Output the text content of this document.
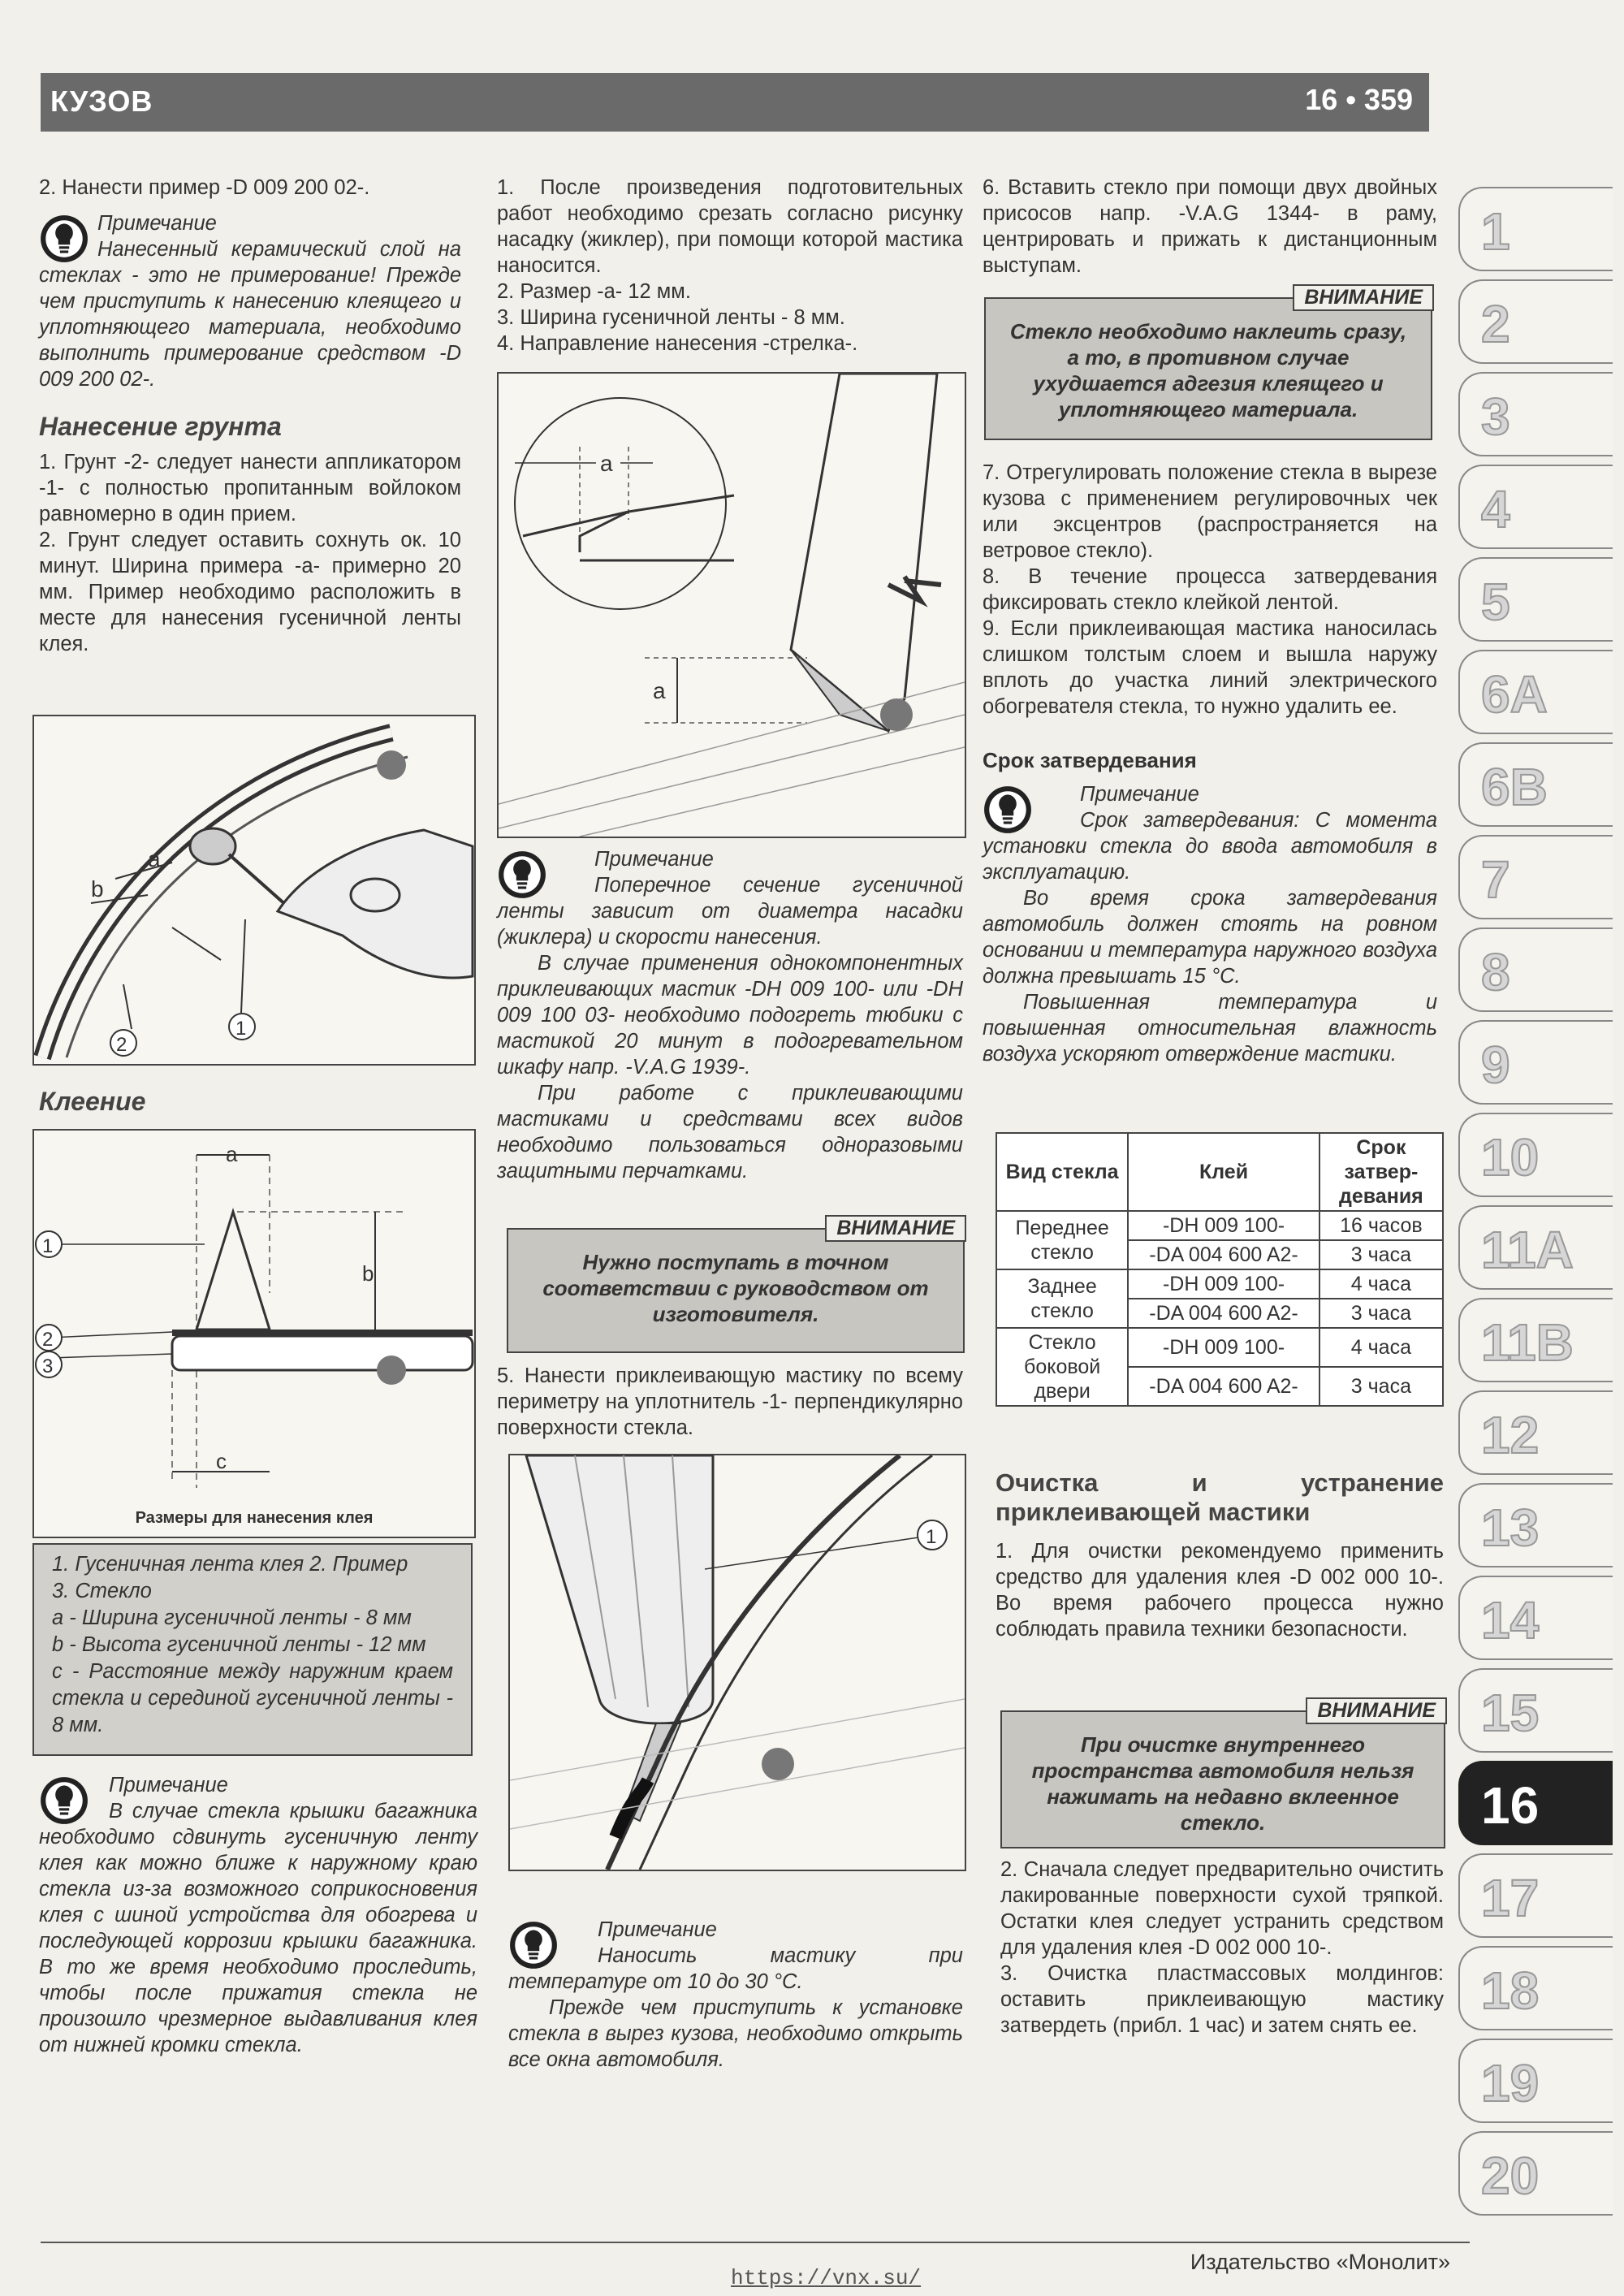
КУЗОВ	16 • 359

2. Нанести пример -D 009 200 02-.

Примечание
Нанесенный керамический слой на стеклах - это не примерование! Прежде чем приступить к нанесению клеящего и уплотняющего материала, необходимо выполнить примерование средством -D 009 200 02-.
Нанесение грунта

1. Грунт -2- следует нанести аппликатором -1- с полностью пропитанным войлоком равномерно в один прием.

2. Грунт следует оставить сохнуть ок. 10 минут. Ширина примера -а- примерно 20 мм. Пример необходимо расположить в месте для нанесения гусеничной ленты клея.

a
b
2
1
Клеение
a
b
1
2
3
c
Размеры для нанесения клея
1. Гусеничная лента клея 2. Пример
3. Стекло
а - Ширина гусеничной ленты - 8 мм
b - Высота гусеничной ленты - 12 мм
с - Расстояние между наружним краем стекла и серединой гусеничной ленты - 8 мм.
Примечание
В случае стекла крышки багажника необходимо сдвинуть гусеничную ленту клея как можно ближе к наружному краю стекла из-за возможного соприкосновения клея с шиной устройства для обогрева и последующей коррозии крышки багажника. В то же время необходимо проследить, чтобы после прижатия стекла не произошло чрезмерное выдавливания клея от нижней кромки стекла.

1. После произведения подготовительных работ необходимо срезать согласно рисунку насадку (жиклер), при помощи которой мастика наносится.

2. Размер -а- 12 мм.

3. Ширина гусеничной ленты - 8 мм.

4. Направление нанесения -стрелка-.

a
a
Примечание
Поперечное сечение гусеничной ленты зависит от диаметра насадки (жиклера) и скорости нанесения.

В случае применения однокомпонентных приклеивающих мастик -DH 009 100- или -DH 009 100 03- необходимо подогреть тюбики с мастикой 20 минут в подогревательном шкафу напр. -V.A.G 1939-.

При работе с приклеивающими мастиками и средствами всех видов необходимо пользоваться одноразовыми защитными перчатками.

ВНИМАНИЕ
Нужно поступать в точном соответствии с руководством от изготовителя.

5. Нанести приклеивающую мастику по всему периметру на уплотнитель -1- перпендикулярно поверхности стекла.

1
Примечание
Наносить мастику при температуре от 10 до 30 °С.

Прежде чем приступить к установке стекла в вырез кузова, необходимо открыть все окна автомобиля.

6. Вставить стекло при помощи двух двойных присосов напр. -V.A.G 1344- в раму, центрировать и прижать к дистанционным выступам.

ВНИМАНИЕ
Стекло необходимо наклеить сразу, а то, в противном случае ухудшается адгезия клеящего и уплотняющего материала.

7. Отрегулировать положение стекла в вырезе кузова с применением регулировочных чек или эксцентров (распространяется на ветровое стекло).

8. В течение процесса затвердевания фиксировать стекло клейкой лентой.

9. Если приклеивающая мастика наносилась слишком толстым слоем и вышла наружу вплоть до участка линий электрического обогревателя стекла, то нужно удалить ее.

Срок затвердевания
Примечание
Срок затвердевания: С момента установки стекла до ввода автомобиля в эксплуатацию.

Во время срока затвердевания автомобиль должен стоять на ровном основании и температура наружного воздуха должна превышать 15 °С.

Повышенная температура и повышенная относительная влажность воздуха ускоряют отверждение мастики.

Вид стекла	Клей	Срок затвер-девания
Переднее стекло	-DH 009 100-	16 часов
	-DA 004 600 A2-	3 часа
Заднее стекло	-DH 009 100-	4 часа
	-DA 004 600 A2-	3 часа
Стекло боковой двери	-DH 009 100-	4 часа
	-DA 004 600 A2-	3 часа
Очистка и устранение приклеивающей мастики

1. Для очистки рекомендуемо применить средство для удаления клея -D 002 000 10-. Во время рабочего процесса нужно соблюдать правила техники безопасности.

ВНИМАНИЕ
При очистке внутреннего пространства автомобиля нельзя нажимать на недавно вклеенное стекло.

2. Сначала следует предварительно очистить лакированные поверхности сухой тряпкой. Остатки клея следует устранить средством для удаления клея -D 002 000 10-.

3. Очистка пластмассовых молдингов: оставить приклеивающую мастику затвердеть (прибл. 1 час) и затем снять ее.

1
2
3
4
5
6A
6B
7
8
9
10
11A
11B
12
13
14
15
16
17
18
19
20
Издательство «Монолит»
https://vnx.su/
